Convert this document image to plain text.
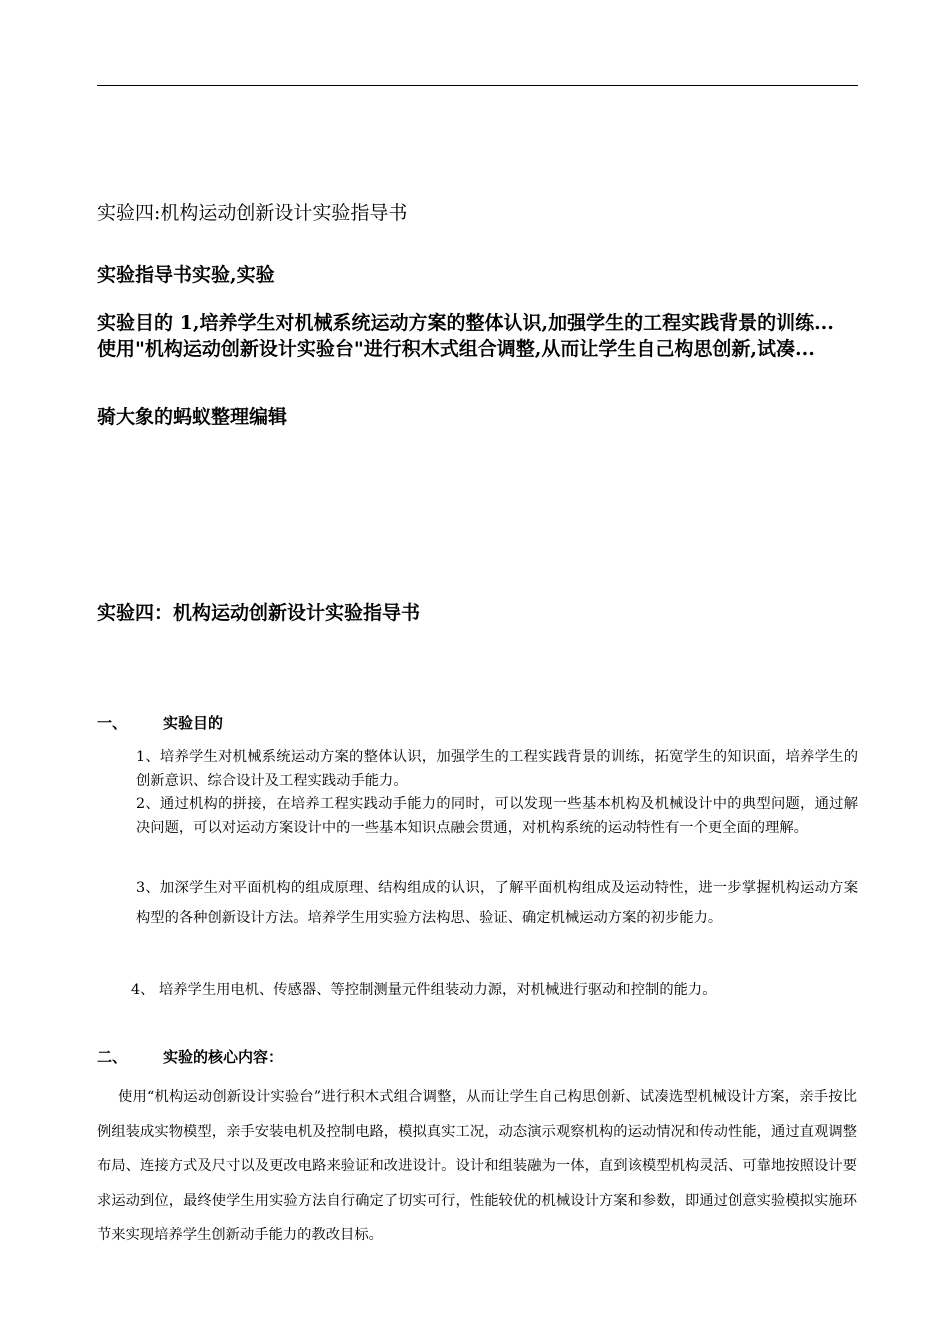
实验四:机构运动创新设计实验指导书
实验指导书实验,实验
实验目的 1,培养学生对机械系统运动方案的整体认识,加强学生的工程实践背景的训练... 使用"机构运动创新设计实验台"进行积木式组合调整,从而让学生自己构思创新,试凑...
骑大象的蚂蚁整理编辑
实验四：机构运动创新设计实验指导书
一、 实验目的
1、培养学生对机械系统运动方案的整体认识，加强学生的工程实践背景的训练，拓宽学生的知识面，培养学生的创新意识、综合设计及工程实践动手能力。
2、通过机构的拼接，在培养工程实践动手能力的同时，可以发现一些基本机构及机械设计中的典型问题，通过解决问题，可以对运动方案设计中的一些基本知识点融会贯通，对机构系统的运动特性有一个更全面的理解。
3、加深学生对平面机构的组成原理、结构组成的认识，了解平面机构组成及运动特性，进一步掌握机构运动方案构型的各种创新设计方法。培养学生用实验方法构思、验证、确定机械运动方案的初步能力。
4、 培养学生用电机、传感器、等控制测量元件组装动力源，对机械进行驱动和控制的能力。
二、 实验的核心内容：
使用“机构运动创新设计实验台”进行积木式组合调整，从而让学生自己构思创新、试凑选型机械设计方案，亲手按比例组装成实物模型，亲手安装电机及控制电路，模拟真实工况，动态演示观察机构的运动情况和传动性能，通过直观调整布局、连接方式及尺寸以及更改电路来验证和改进设计。设计和组装融为一体，直到该模型机构灵活、可靠地按照设计要求运动到位，最终使学生用实验方法自行确定了切实可行，性能较优的机械设计方案和参数，即通过创意实验模拟实施环节来实现培养学生创新动手能力的教改目标。
